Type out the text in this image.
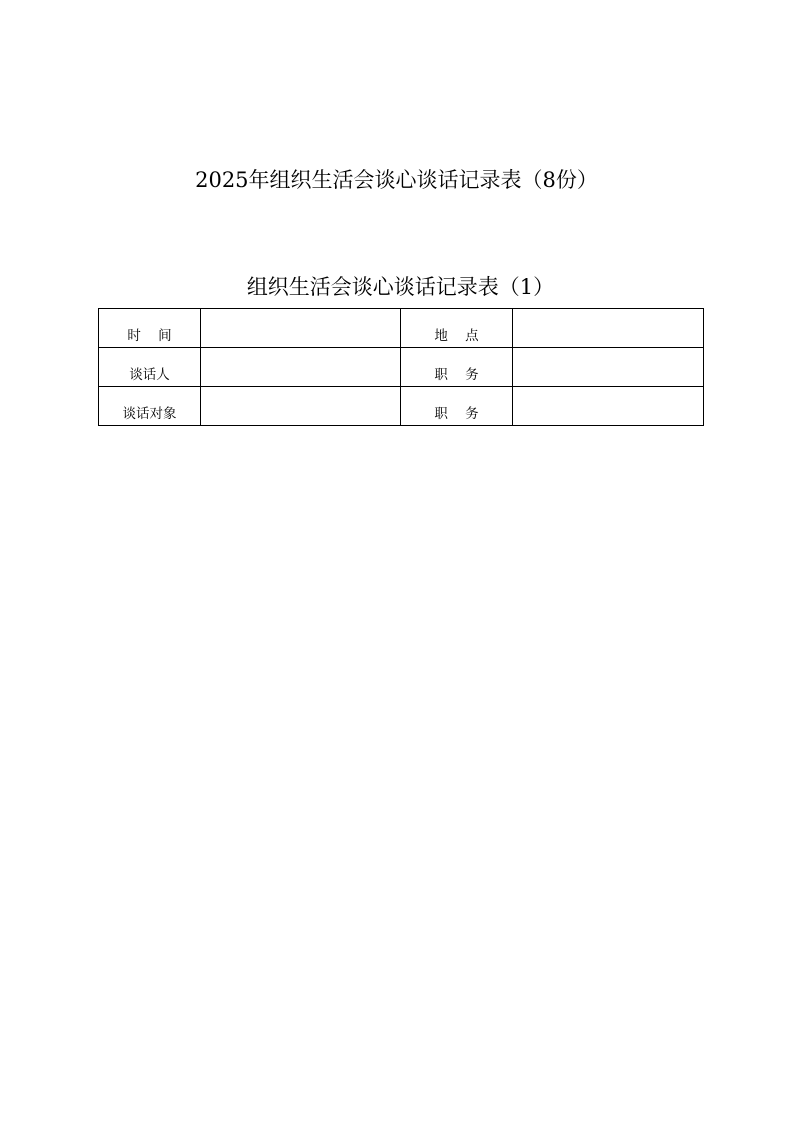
2025年组织生活会谈心谈话记录表（8份）
组织生活会谈心谈话记录表（1）
时    间		地    点	
谈话人		职    务	
谈话对象		职    务	
